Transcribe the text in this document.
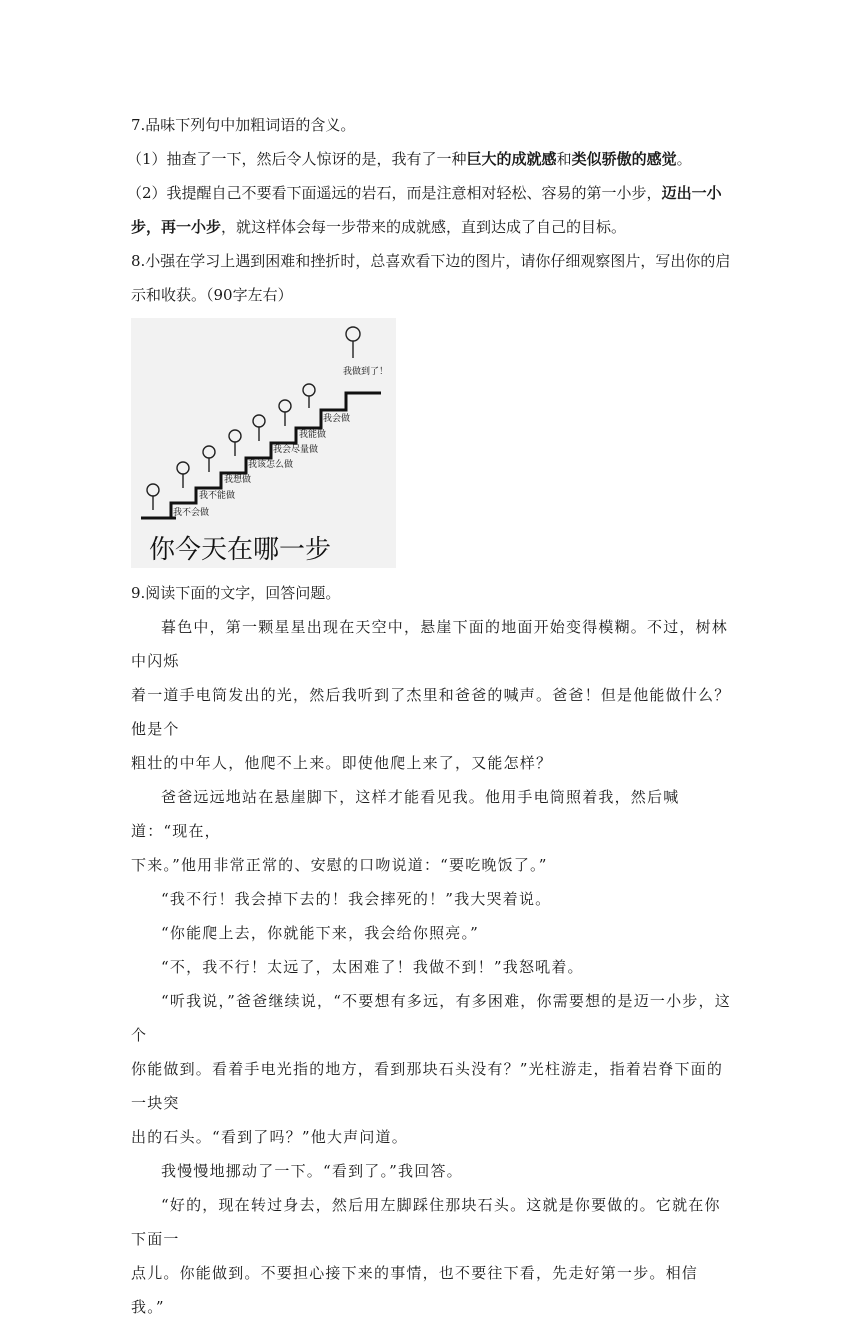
7.品味下列句中加粗词语的含义。
（1）抽查了一下，然后令人惊讶的是，我有了一种巨大的成就感和类似骄傲的感觉。
（2）我提醒自己不要看下面遥远的岩石，而是注意相对轻松、容易的第一小步，迈出一小
步，再一小步，就这样体会每一步带来的成就感，直到达成了自己的目标。
8.小强在学习上遇到困难和挫折时，总喜欢看下边的图片，请你仔细观察图片，写出你的启
示和收获。（90字左右）
我不会做
我不能做
我想做
我该怎么做
我会尽量做
我能做
我会做
我做到了！
你今天在哪一步
9.阅读下面的文字，回答问题。
暮色中，第一颗星星出现在天空中，悬崖下面的地面开始变得模糊。不过，树林中闪烁
着一道手电筒发出的光，然后我听到了杰里和爸爸的喊声。爸爸！但是他能做什么？他是个
粗壮的中年人，他爬不上来。即使他爬上来了，又能怎样？
爸爸远远地站在悬崖脚下，这样才能看见我。他用手电筒照着我，然后喊道：“现在，
下来。”他用非常正常的、安慰的口吻说道：“要吃晚饭了。”
“我不行！我会掉下去的！我会摔死的！”我大哭着说。
“你能爬上去，你就能下来，我会给你照亮。”
“不，我不行！太远了，太困难了！我做不到！”我怒吼着。
“听我说，”爸爸继续说，“不要想有多远，有多困难，你需要想的是迈一小步，这个
你能做到。看着手电光指的地方，看到那块石头没有？”光柱游走，指着岩脊下面的一块突
出的石头。“看到了吗？”他大声问道。
我慢慢地挪动了一下。“看到了。”我回答。
“好的，现在转过身去，然后用左脚踩住那块石头。这就是你要做的。它就在你下面一
点儿。你能做到。不要担心接下来的事情，也不要往下看，先走好第一步。相信我。”
